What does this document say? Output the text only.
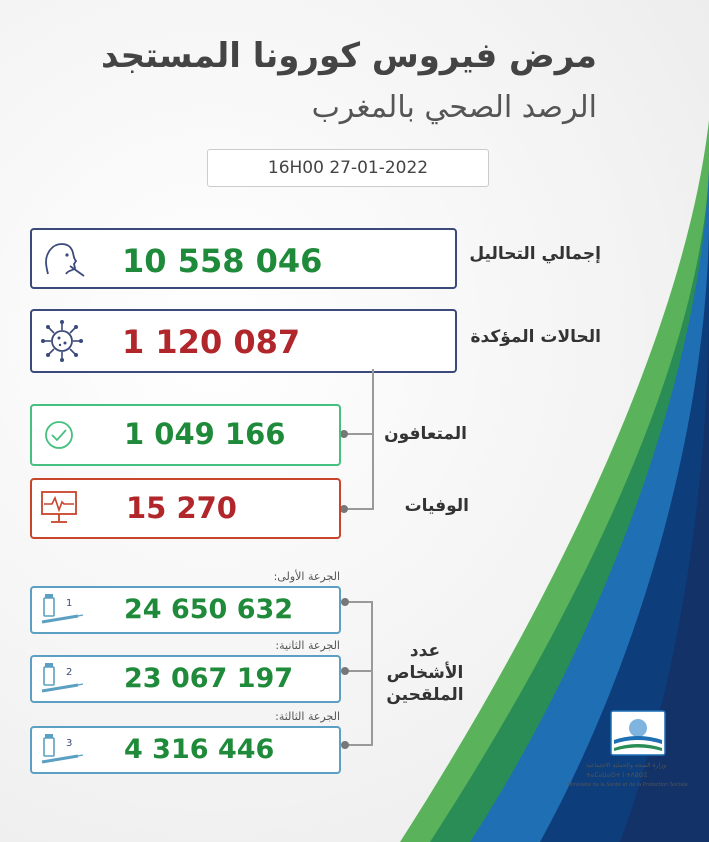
مرض فيروس كورونا المستجد
الرصد الصحي بالمغرب
16H00 27-01-2022
10 558 046	إجمالي التحاليل
1 120 087	الحالات المؤكدة
1 049 166	المتعافون
15 270	الوفيات
الجرعة الأولى:
1 24 650 632
الجرعة الثانية:
2 23 067 197
الجرعة الثالثة:
3 4 316 446
عدد الأشخاص الملقحين
وزارة الصحة والحماية الاجتماعية
ⵜⴰⵎⴰⵡⴰⵙⵜ ⵏ ⵜⴷⵓⵙⵉ
Ministère de la Santé et de la Protection Sociale
